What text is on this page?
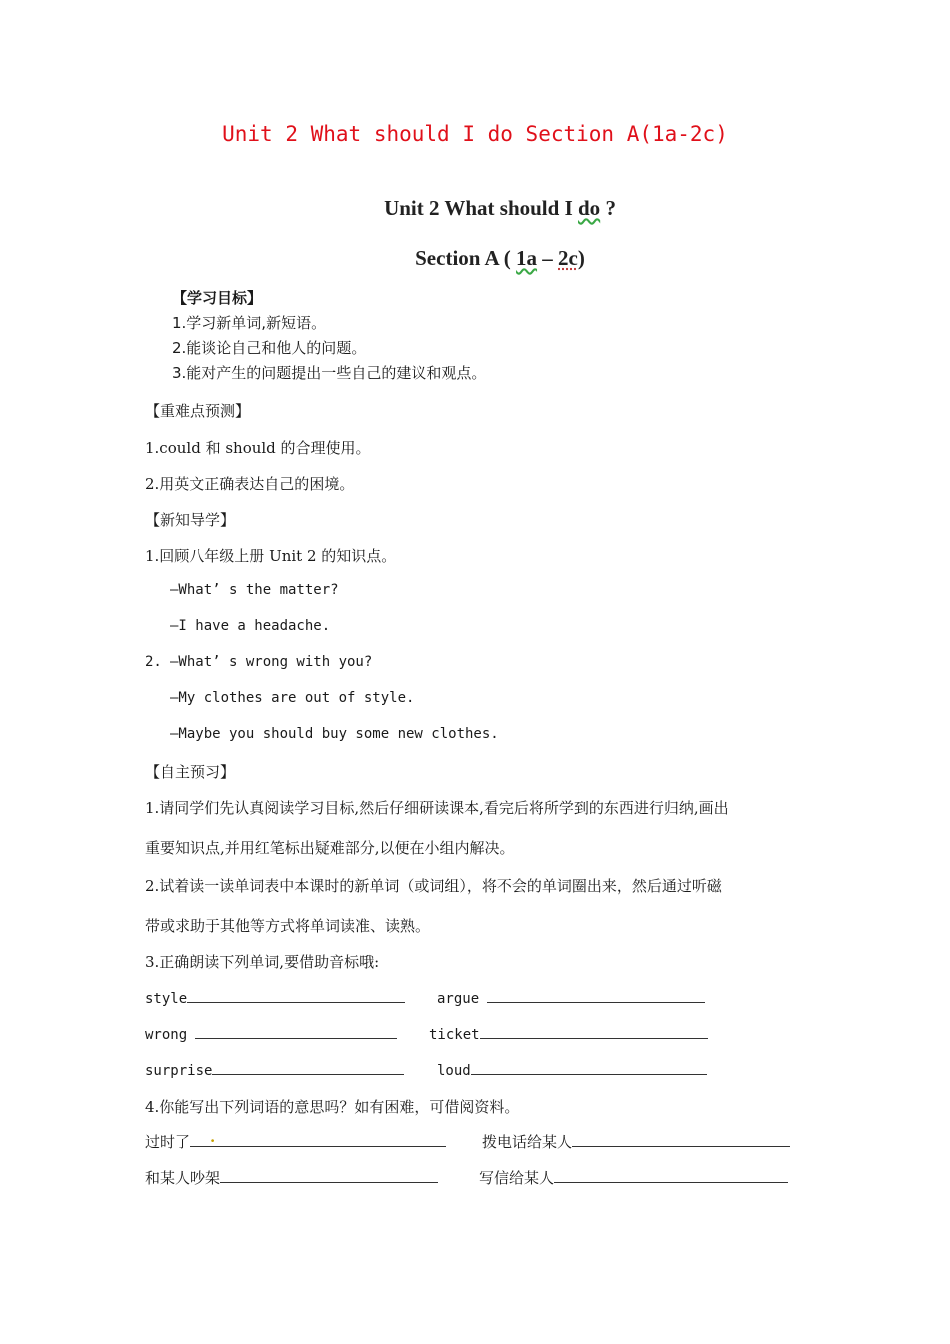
Unit 2 What should I do Section A(1a-2c)
Unit 2 What should I do ?
Section A ( 1a – 2c)
【学习目标】
1.学习新单词,新短语。
2.能谈论自己和他人的问题。
3.能对产生的问题提出一些自己的建议和观点。
【重难点预测】
1.could 和 should 的合理使用。
2.用英文正确表达自己的困境。
【新知导学】
1.回顾八年级上册 Unit 2 的知识点。
—What’ s the matter?
—I have a headache.
2. —What’ s wrong with you?
—My clothes are out of style.
—Maybe you should buy some new clothes.
【自主预习】
1.请同学们先认真阅读学习目标,然后仔细研读课本,看完后将所学到的东西进行归纳,画出
重要知识点,并用红笔标出疑难部分,以便在小组内解决。
2.试着读一读单词表中本课时的新单词（或词组），将不会的单词圈出来，然后通过听磁
带或求助于其他等方式将单词读准、读熟。
3.正确朗读下列单词,要借助音标哦:
style	argue
wrong	ticket
surprise	loud
4.你能写出下列词语的意思吗？如有困难，可借阅资料。
过时了 .	拨电话给某人
和某人吵架	写信给某人
